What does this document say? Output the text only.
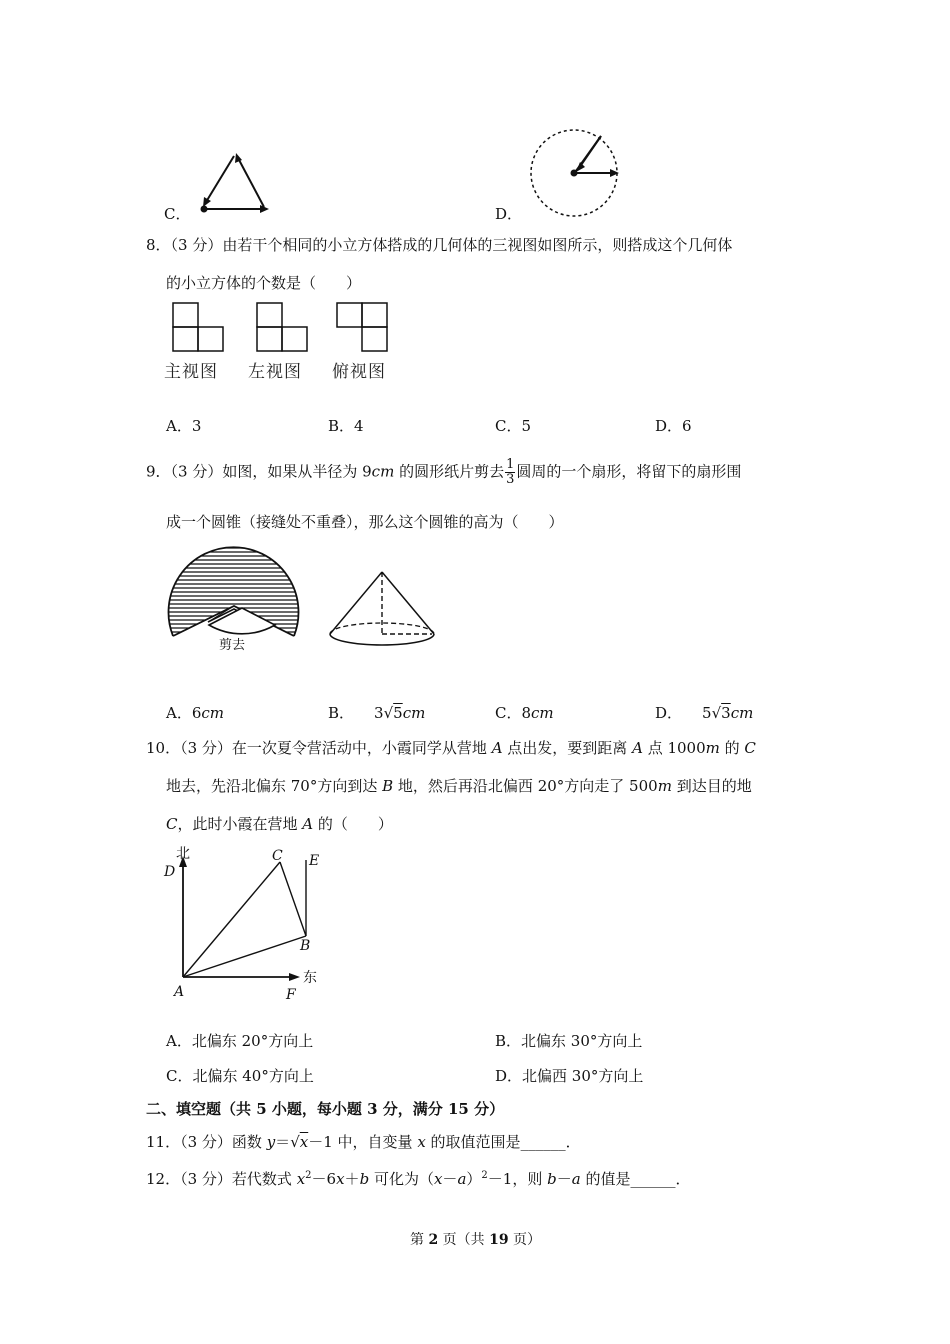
C．	D．
8．（3 分）由若干个相同的小立方体搭成的几何体的三视图如图所示，则搭成这个几何体
的小立方体的个数是（　　）
主视图 左视图 俯视图
A．3	B．4	C．5	D．6
9．（3 分）如图，如果从半径为 9cm 的圆形纸片剪去 $\frac{1}{3}$ 圆周的一个扇形，将留下的扇形围
成一个圆锥（接缝处不重叠），那么这个圆锥的高为（　　）
剪去
A．6cm	B． 3√5cm	C．8cm	D． 5√3cm
10．（3 分）在一次夏令营活动中，小霞同学从营地 A 点出发，要到距离 A 点 1000m 的 C
地去，先沿北偏东 70°方向到达 B 地，然后再沿北偏西 20°方向走了 500m 到达目的地
C，此时小霞在营地 A 的（　　）
北
D
C E
B
A	F
东
A．北偏东 20°方向上	B．北偏东 30°方向上
C．北偏东 40°方向上	D．北偏西 30°方向上
二、填空题（共 5 小题，每小题 3 分，满分 15 分）
11．（3 分）函数 y＝√x－1 中，自变量 x 的取值范围是______．
12．（3 分）若代数式 $x^2-6x+b$ 可化为$(x-a)^2-1$，则 b－a 的值是______．
第 2 页（共 19 页）
